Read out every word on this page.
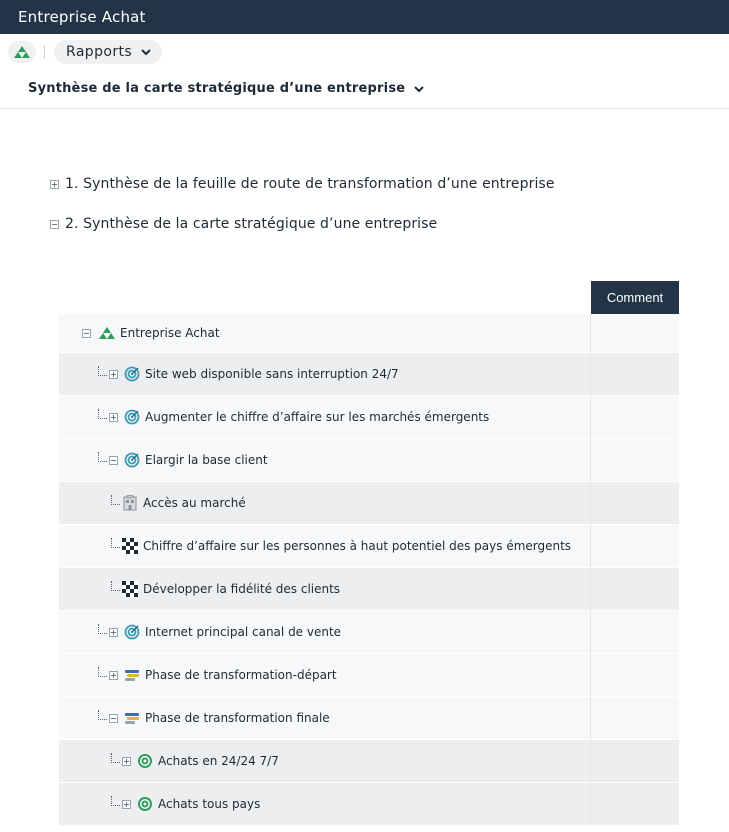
Entreprise Achat
Rapports
Synthèse de la carte stratégique d’une entreprise
1. Synthèse de la feuille de route de transformation d’une entreprise
2. Synthèse de la carte stratégique d’une entreprise
Comment
Entreprise Achat
Site web disponible sans interruption 24/7
Augmenter le chiffre d’affaire sur les marchés émergents
Elargir la base client
Accès au marché
Chiffre d’affaire sur les personnes à haut potentiel des pays émergents
Développer la fidélité des clients
Internet principal canal de vente
Phase de transformation-départ
Phase de transformation finale
Achats en 24/24 7/7
Achats tous pays
